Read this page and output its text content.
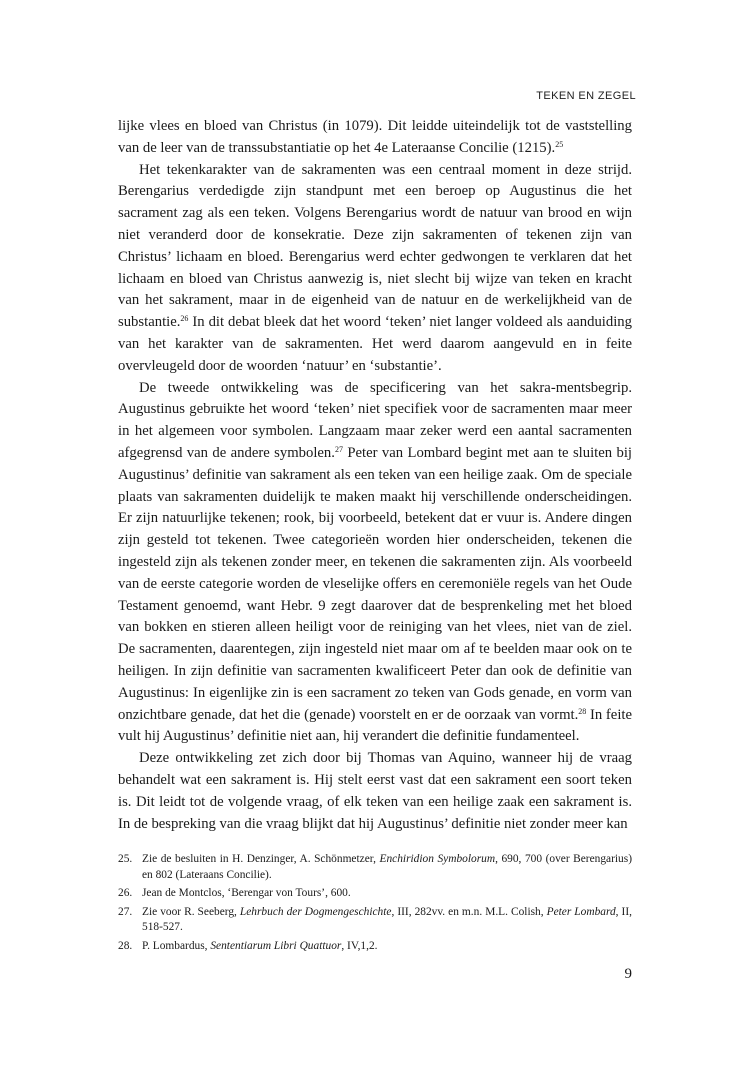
TEKEN EN ZEGEL

lijke vlees en bloed van Christus (in 1079). Dit leidde uiteindelijk tot de vaststelling van de leer van de transsubstantiatie op het 4e Lateraanse Concilie (1215).$^{25}$

Het tekenkarakter van de sakramenten was een centraal moment in deze strijd. Berengarius verdedigde zijn standpunt met een beroep op Augustinus die het sacrament zag als een teken. Volgens Berengarius wordt de natuur van brood en wijn niet veranderd door de konsekratie. Deze zijn sakramenten of tekenen zijn van Christus’ lichaam en bloed. Berengarius werd echter gedwongen te verklaren dat het lichaam en bloed van Christus aanwezig is, niet slecht bij wijze van teken en kracht van het sakrament, maar in de eigenheid van de natuur en de werkelijkheid van de substantie.$^{26}$ In dit debat bleek dat het woord ‘teken’ niet langer voldeed als aanduiding van het karakter van de sakramenten. Het werd daarom aangevuld en in feite overvleugeld door de woorden ‘natuur’ en ‘substantie’.

De tweede ontwikkeling was de specificering van het sakra-mentsbegrip. Augustinus gebruikte het woord ‘teken’ niet specifiek voor de sacramenten maar meer in het algemeen voor symbolen. Langzaam maar zeker werd een aantal sacramenten afgegrensd van de andere symbolen.$^{27}$ Peter van Lombard begint met aan te sluiten bij Augustinus’ definitie van sakrament als een teken van een heilige zaak. Om de speciale plaats van sakramenten duidelijk te maken maakt hij verschillende onderscheidingen. Er zijn natuurlijke tekenen; rook, bij voorbeeld, betekent dat er vuur is. Andere dingen zijn gesteld tot tekenen. Twee categorieën worden hier onderscheiden, tekenen die ingesteld zijn als tekenen zonder meer, en tekenen die sakramenten zijn. Als voorbeeld van de eerste categorie worden de vleselijke offers en ceremoniële regels van het Oude Testament genoemd, want Hebr. 9 zegt daarover dat de besprenkeling met het bloed van bokken en stieren alleen heiligt voor de reiniging van het vlees, niet van de ziel. De sacramenten, daarentegen, zijn ingesteld niet maar om af te beelden maar ook on te heiligen. In zijn definitie van sacramenten kwalificeert Peter dan ook de definitie van Augustinus: In eigenlijke zin is een sacrament zo teken van Gods genade, en vorm van onzichtbare genade, dat het die (genade) voorstelt en er de oorzaak van vormt.$^{28}$ In feite vult hij Augustinus’ definitie niet aan, hij verandert die definitie fundamenteel.

Deze ontwikkeling zet zich door bij Thomas van Aquino, wanneer hij de vraag behandelt wat een sakrament is. Hij stelt eerst vast dat een sakrament een soort teken is. Dit leidt tot de volgende vraag, of elk teken van een heilige zaak een sakrament is. In de bespreking van die vraag blijkt dat hij Augustinus’ definitie niet zonder meer kan

25. Zie de besluiten in H. Denzinger, A. Schönmetzer, Enchiridion Symbolorum, 690, 700 (over Berengarius) en 802 (Lateraans Concilie).
26. Jean de Montclos, ‘Berengar von Tours’, 600.
27. Zie voor R. Seeberg, Lehrbuch der Dogmengeschichte, III, 282vv. en m.n. M.L. Colish, Peter Lombard, II, 518-527.
28. P. Lombardus, Sententiarum Libri Quattuor, IV,1,2.
9
